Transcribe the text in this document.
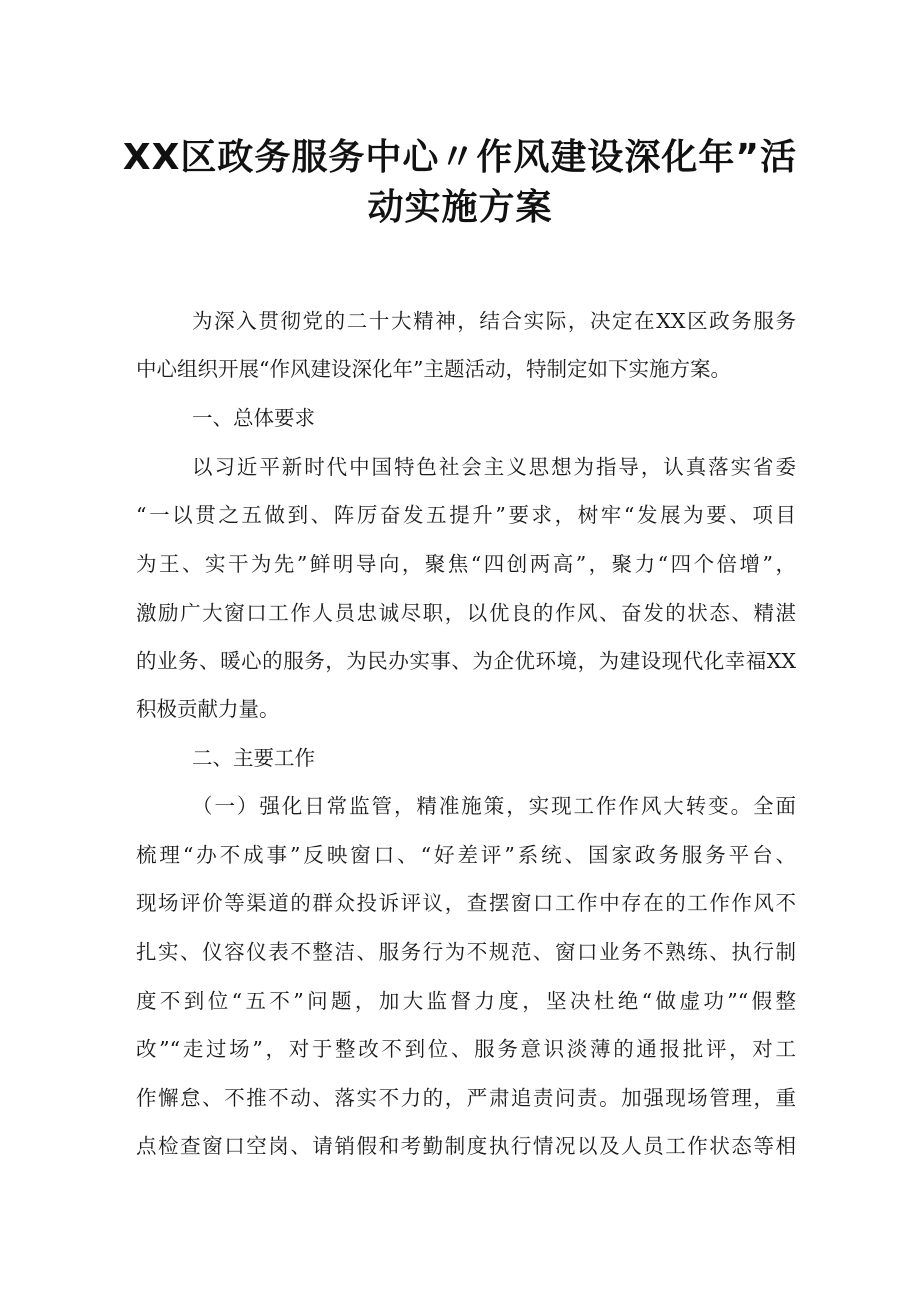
XX区政务服务中心〃作风建设深化年”活
动实施方案
为深入贯彻党的二十大精神，结合实际，决定在XX区政务服务
中心组织开展“作风建设深化年”主题活动，特制定如下实施方案。
一、总体要求
以习近平新时代中国特色社会主义思想为指导，认真落实省委
“一以贯之五做到、阵厉奋发五提升”要求，树牢“发展为要、项目
为王、实干为先”鲜明导向，聚焦“四创两高”，聚力“四个倍增”，
激励广大窗口工作人员忠诚尽职，以优良的作风、奋发的状态、精湛
的业务、暖心的服务，为民办实事、为企优环境，为建设现代化幸福XX
积极贡献力量。
二、主要工作
（一）强化日常监管，精准施策，实现工作作风大转变。全面
梳理“办不成事”反映窗口、“好差评”系统、国家政务服务平台、
现场评价等渠道的群众投诉评议，查摆窗口工作中存在的工作作风不
扎实、仪容仪表不整洁、服务行为不规范、窗口业务不熟练、执行制
度不到位“五不”问题，加大监督力度，坚决杜绝“做虚功”“假整
改”“走过场”，对于整改不到位、服务意识淡薄的通报批评，对工
作懈怠、不推不动、落实不力的，严肃追责问责。加强现场管理，重
点检查窗口空岗、请销假和考勤制度执行情况以及人员工作状态等相
